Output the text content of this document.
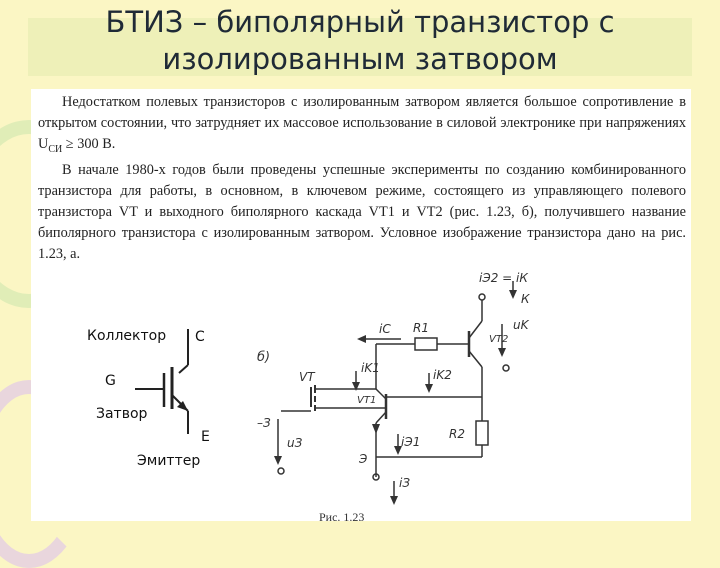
БТИЗ – биполярный транзистор с
изолированным затвором

Недостатком полевых транзисторов с изолированным затвором является большое сопротивление в открытом состоянии, что затрудняет их массовое использование в силовой электронике при напряжениях $U_{СИ} \ge 300$ В.

В начале 1980-х годов были проведены успешные эксперименты по созданию комбинированного транзистора для работы, в основном, в ключевом режиме, состоящего из управляющего полевого транзистора VT и выходного биполярного каскада VT1 и VT2 (рис. 1.23, б), получившего название биполярного транзистора с изолированным затвором. Условное изображение транзистора дано на рис. 1.23, а.

Коллектор C
G
Затвор
E
Эмиттер
б)
VT
VT1
VT2
R1
R2
iC
iK1	iK2
iЭ2 = iК
К
uK
–З
uЗ
Э
iЭ1
iЗ
Рис. 1.23
